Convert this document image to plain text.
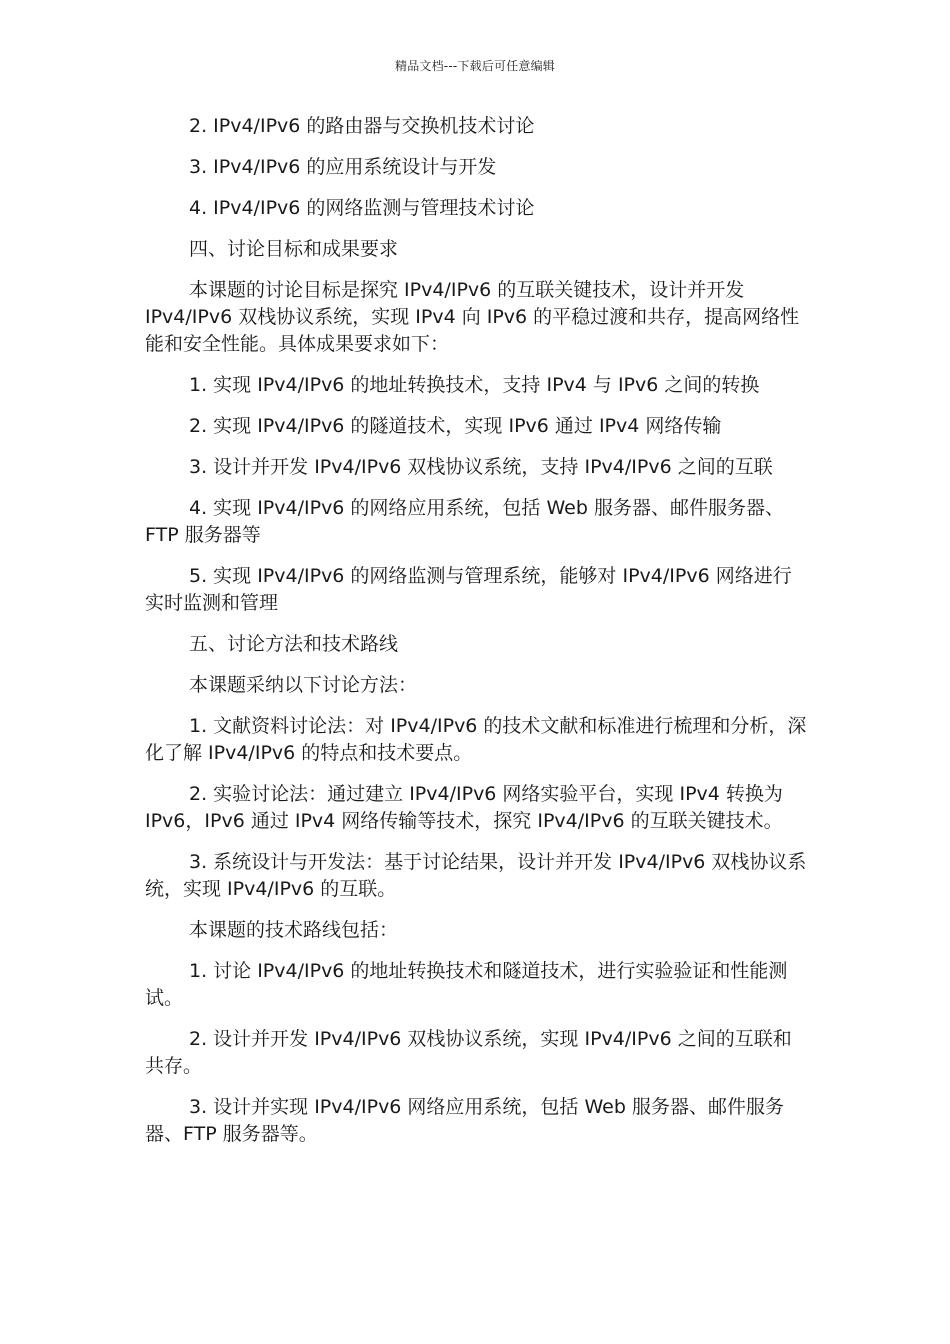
精品文档---下载后可任意编辑

2. IPv4/IPv6 的路由器与交换机技术讨论

3. IPv4/IPv6 的应用系统设计与开发

4. IPv4/IPv6 的网络监测与管理技术讨论

四、讨论目标和成果要求

本课题的讨论目标是探究 IPv4/IPv6 的互联关键技术，设计并开发 IPv4/IPv6 双栈协议系统，实现 IPv4 向 IPv6 的平稳过渡和共存，提高网络性能和安全性能。具体成果要求如下：

1. 实现 IPv4/IPv6 的地址转换技术，支持 IPv4 与 IPv6 之间的转换

2. 实现 IPv4/IPv6 的隧道技术，实现 IPv6 通过 IPv4 网络传输

3. 设计并开发 IPv4/IPv6 双栈协议系统，支持 IPv4/IPv6 之间的互联

4. 实现 IPv4/IPv6 的网络应用系统，包括 Web 服务器、邮件服务器、FTP 服务器等

5. 实现 IPv4/IPv6 的网络监测与管理系统，能够对 IPv4/IPv6 网络进行实时监测和管理

五、讨论方法和技术路线

本课题采纳以下讨论方法：

1. 文献资料讨论法：对 IPv4/IPv6 的技术文献和标准进行梳理和分析，深化了解 IPv4/IPv6 的特点和技术要点。

2. 实验讨论法：通过建立 IPv4/IPv6 网络实验平台，实现 IPv4 转换为 IPv6，IPv6 通过 IPv4 网络传输等技术，探究 IPv4/IPv6 的互联关键技术。

3. 系统设计与开发法：基于讨论结果，设计并开发 IPv4/IPv6 双栈协议系统，实现 IPv4/IPv6 的互联。

本课题的技术路线包括：

1. 讨论 IPv4/IPv6 的地址转换技术和隧道技术，进行实验验证和性能测试。

2. 设计并开发 IPv4/IPv6 双栈协议系统，实现 IPv4/IPv6 之间的互联和共存。

3. 设计并实现 IPv4/IPv6 网络应用系统，包括 Web 服务器、邮件服务器、FTP 服务器等。
